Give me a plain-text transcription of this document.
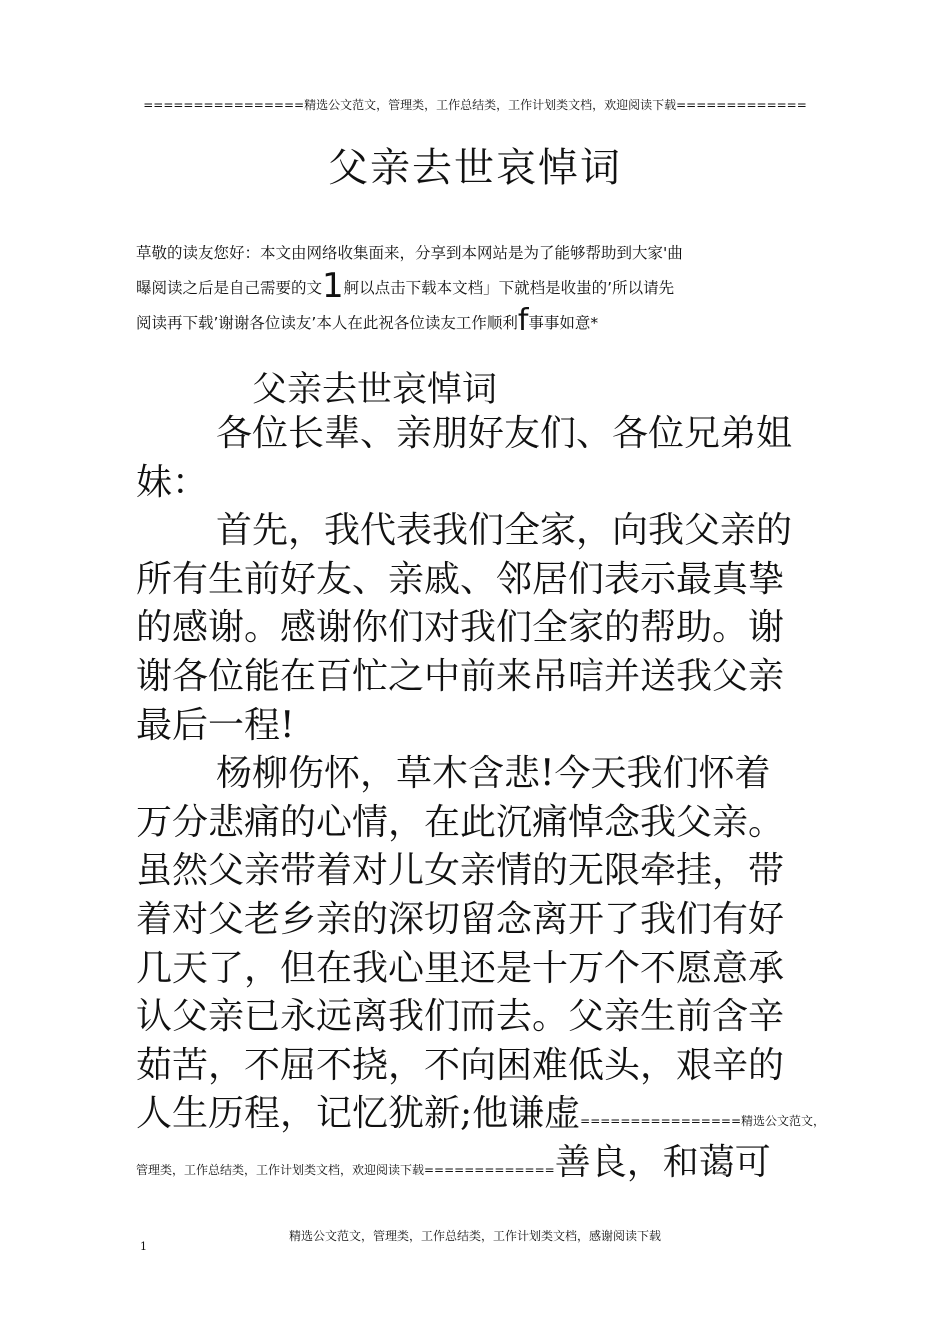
================精选公文范文，管理类，工作总结类，工作计划类文档，欢迎阅读下载=============
父亲去世哀悼词
草敬的读友您好：本文由网络收集面来，分享到本网站是为了能够帮助到大家'曲
曝阅读之后是自己需要的文1舸以点击下载本文档」下就档是收蚩的’所以请先
阅读再下载’谢谢各位读友’本人在此祝各位读友工作顺利f事事如意*
父亲去世哀悼词
各位长辈、亲朋好友们、各位兄弟姐
妹：
首先，我代表我们全家，向我父亲的
所有生前好友、亲戚、邻居们表示最真挚
的感谢。感谢你们对我们全家的帮助。谢
谢各位能在百忙之中前来吊唁并送我父亲
最后一程!
杨柳伤怀，草木含悲!今天我们怀着
万分悲痛的心情，在此沉痛悼念我父亲。
虽然父亲带着对儿女亲情的无限牵挂，带
着对父老乡亲的深切留念离开了我们有好
几天了，但在我心里还是十万个不愿意承
认父亲已永远离我们而去。父亲生前含辛
茹苦，不屈不挠，不向困难低头，艰辛的
人生历程，记忆犹新;他谦虚================精选公文范文，
管理类，工作总结类，工作计划类文档，欢迎阅读下载=============善良，和蔼可
精选公文范文，管理类，工作总结类，工作计划类文档，感谢阅读下载
1
